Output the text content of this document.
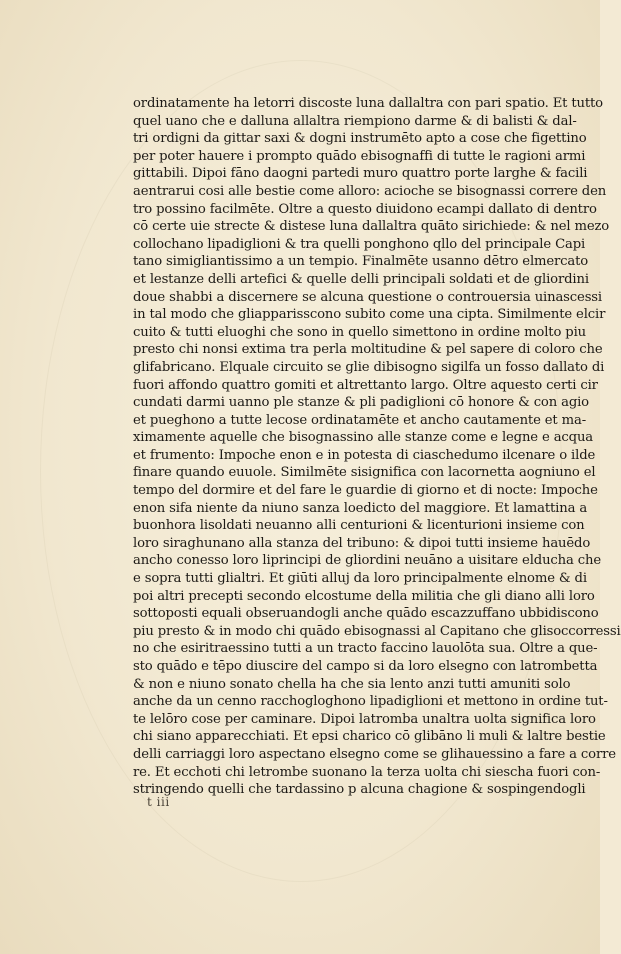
ordinatamente ha letorri discoste luna dallaltra con pari spatio. Et tutto
quel uano che e dalluna allaltra riempiono darme & di balisti & dal-
tri ordigni da gittar saxi & dogni instrumēto apto a cose che figettino
per poter hauere i prompto quādo ebisognaffi di tutte le ragioni armi
gittabili. Dipoi fāno daogni partedi muro quattro porte larghe & facili
aentrarui cosi alle bestie come alloro: acioche se bisognassi correre den
tro possino facilmēte. Oltre a questo diuidono ecampi dallato di dentro
cō certe uie strecte & distese luna dallaltra quāto sirichiede: & nel mezo
collochano lipadiglioni & tra quelli ponghono qllo del principale Capi
tano simigliantissimo a un tempio. Finalmēte usanno dētro elmercato
et lestanze delli artefici & quelle delli principali soldati et de gliordini
doue shabbi a discernere se alcuna questione o controuersia uinascessi
in tal modo che gliapparisscono subito come una cipta. Similmente elcir
cuito & tutti eluoghi che sono in quello simettono in ordine molto piu
presto chi nonsi extima tra perla moltitudine & pel sapere di coloro che
glifabricano. Elquale circuito se glie dibisogno sigilfa un fosso dallato di
fuori affondo quattro gomiti et altrettanto largo. Oltre aquesto certi cir
cundati darmi uanno ple stanze & pli padiglioni cō honore & con agio
et pueghono a tutte lecose ordinatamēte et ancho cautamente et ma-
ximamente aquelle che bisognassino alle stanze come e legne e acqua
et frumento: Impoche enon e in potesta di ciaschedumo ilcenare o ilde
finare quando euuole. Similmēte sisignifica con lacornetta aogniuno el
tempo del dormire et del fare le guardie di giorno et di nocte: Impoche
enon sifa niente da niuno sanza loedicto del maggiore. Et lamattina a
buonhora lisoldati neuanno alli centurioni & licenturioni insieme con
loro siraghunano alla stanza del tribuno: & dipoi tutti insieme hauēdo
ancho conesso loro liprincipi de gliordini neuāno a uisitare elducha che
e sopra tutti glialtri. Et giūti alluj da loro principalmente elnome & di
poi altri precepti secondo elcostume della militia che gli diano alli loro
sottoposti equali obseruandogli anche quādo escazzuffano ubbidiscono
piu presto & in modo chi quādo ebisognassi al Capitano che glisoccorressi
no che esiritraessino tutti a un tracto faccino lauolōta sua. Oltre a que-
sto quādo e tēpo diuscire del campo si da loro elsegno con latrombetta
& non e niuno sonato chella ha che sia lento anzi tutti amuniti solo
anche da un cenno racchogloghono lipadiglioni et mettono in ordine tut-
te lelōro cose per caminare. Dipoi latromba unaltra uolta significa loro
chi siano apparecchiati. Et epsi charico cō glibāno li muli & laltre bestie
delli carriaggi loro aspectano elsegno come se glihauessino a fare a corre
re. Et ecchoti chi letrombe suonano la terza uolta chi siescha fuori con-
stringendo quelli che tardassino p alcuna chagione & sospingendogli
t iii
